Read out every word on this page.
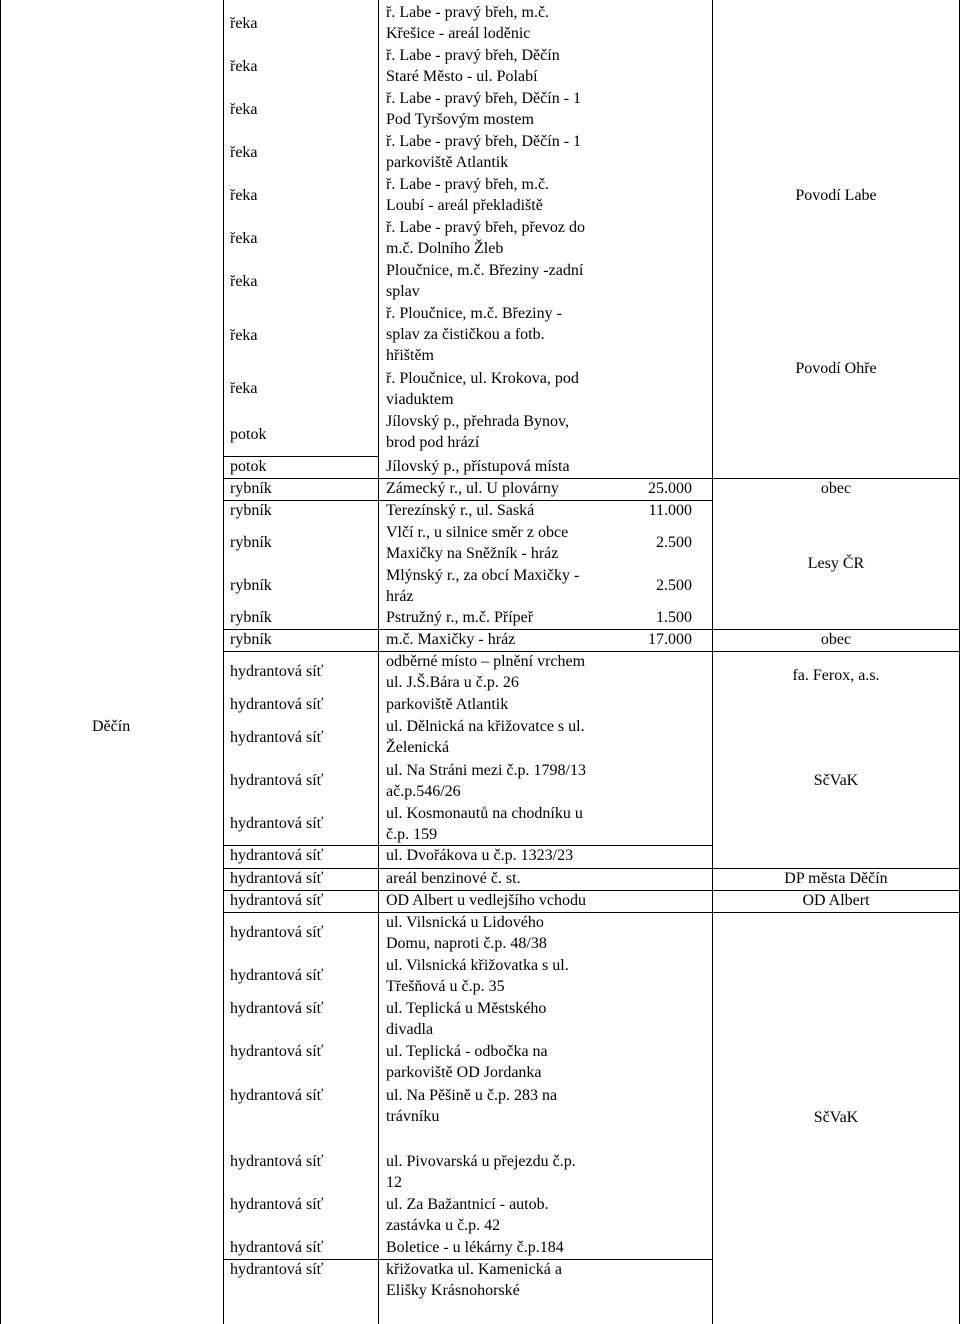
Děčín
řeka
řeka
řeka
řeka
řeka
řeka
řeka
řeka
řeka
potok
potok
rybník
rybník
rybník
rybník
rybník
rybník
hydrantová síť
hydrantová síť
hydrantová síť
hydrantová síť
hydrantová síť
hydrantová síť
hydrantová síť
hydrantová síť
hydrantová síť
hydrantová síť
hydrantová síť
hydrantová síť
hydrantová síť
hydrantová síť
hydrantová síť
hydrantová síť
hydrantová síť
ř. Labe - pravý břeh, m.č.
Křešice - areál loděnic
ř. Labe - pravý břeh, Děčín
Staré Město - ul. Polabí
ř. Labe - pravý břeh, Děčín - 1
Pod Tyršovým mostem
ř. Labe - pravý břeh, Děčín - 1
parkoviště Atlantik
ř. Labe - pravý břeh, m.č.
Loubí - areál překladiště
ř. Labe - pravý břeh, převoz do
m.č. Dolního Žleb
Ploučnice, m.č. Březiny -zadní
splav
ř. Ploučnice, m.č. Březiny -
splav za čističkou a fotb.
hřištěm
ř. Ploučnice, ul. Krokova, pod
viaduktem
Jílovský p., přehrada Bynov,
brod pod hrází
Jílovský p., přístupová místa
Zámecký r., ul. U plovárny
Terezínský r., ul. Saská
Vlčí r., u silnice směr z obce
Maxičky na Sněžník - hráz
Mlýnský r., za obcí Maxičky -
hráz
Pstružný r., m.č. Přípeř
m.č. Maxičky - hráz
odběrné místo – plnění vrchem
ul. J.Š.Bára u č.p. 26
parkoviště Atlantik
ul. Dělnická na křižovatce s ul.
Želenická
ul. Na Stráni mezi č.p. 1798/13
ač.p.546/26
ul. Kosmonautů na chodníku u
č.p. 159
ul. Dvořákova u č.p. 1323/23
areál benzinové č. st.
OD Albert u vedlejšího vchodu
ul. Vilsnická u Lidového
Domu, naproti č.p. 48/38
ul. Vilsnická křižovatka s ul.
Třešňová u č.p. 35
ul. Teplická u Městského
divadla
ul. Teplická - odbočka na
parkoviště OD Jordanka
ul. Na Pěšině u č.p. 283 na
trávníku
ul. Pivovarská u přejezdu č.p.
12
ul. Za Bažantnicí - autob.
zastávka u č.p. 42
Boletice - u lékárny č.p.184
křižovatka ul. Kamenická a
Elišky Krásnohorské
25.000
11.000
2.500
2.500
1.500
17.000
Povodí Labe
Povodí Ohře
obec
Lesy ČR
obec
fa. Ferox, a.s.
SčVaK
DP města Děčín
OD Albert
SčVaK
